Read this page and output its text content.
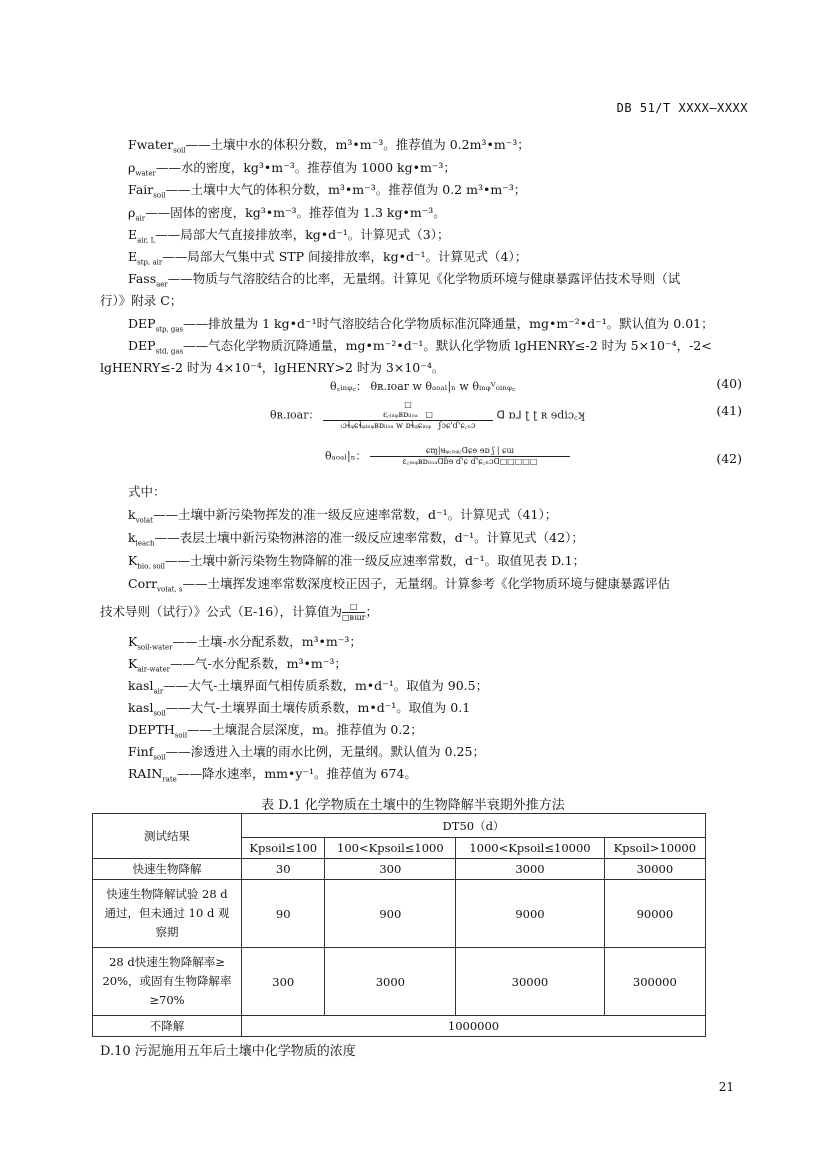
DB 51/T XXXX—XXXX
Fwater$_{soil}$——土壤中水的体积分数，m³•m⁻³。推荐值为 0.2m³•m⁻³；
$\rho_{water}——$水的密度，kg³•m⁻³。推荐值为 1000 kg•m⁻³；
Fair$_{soil}$——土壤中大气的体积分数，m³•m⁻³。推荐值为 0.2 m³•m⁻³；
$\rho_{air}——$固体的密度，kg³•m⁻³。推荐值为 1.3 kg•m⁻³。
$E_{air, L}——$局部大气直接排放率，kg•d⁻¹。计算见式（3）；
$E_{stp, air}——$局部大气集中式 STP 间接排放率，kg•d⁻¹。计算见式（4）；
Fass$_{aer}$——物质与气溶胶结合的比率，无量纲。计算见《化学物质环境与健康暴露评估技术导则（试
行）》附录 C；
$DEP_{stp, gas}——$排放量为 1 kg•d⁻¹时气溶胶结合化学物质标准沉降通量，mg•m⁻²•d⁻¹。默认值为 0.01；
$DEP_{std, gas}——$气态化学物质沉降通量，mg•m⁻²•d⁻¹。默认化学物质 lgHENRY≤-2 时为 5×10⁻⁴，-2<
lgHENRY≤-2 时为 4×10⁻⁴，lgHENRY>2 时为 3×10⁻⁴。
θ꜀ᵢₙᵩ꜀： θʀ.ɪoar w θₐₒₐₗ|ₙ w θᵢₙᵩⱽₒᵢₙᵩ꜀	(40)
θʀ.ɪoar：
□
ɛ꜀ᵢₙᵩʙɒᵢₗₒₐ   □
ₜɔɬᵩɕɬᵩᵢₙᵩʙɒᵢₗₒₐ w ɒɬᵩɕᵢₙᵩ   ʄɔɕ'ɗ'ɕ꜀ₙɔ
ᗡ ɒ⅃ ʈ ʈ ʀ ɘdiɔ꜀ʞ	(41)
θₐₒₐₗ|ₙ： $\frac{\text{ɕɱ|ʉᵩ꜀ₙᵩ꜀ᗡɕɘ ɘɒ ʃ | ɕɯ}}{\text{ɛ꜀ᵢₙᵩʙɒᵢₗₒₐᗡɓɘ ɗ'ɕ ɗ'ɕ꜀ₙɔᗡ□□□□□}}$	(42)
式中：
$k_{volat}——$土壤中新污染物挥发的准一级反应速率常数，d⁻¹。计算见式（41）；
$k_{leach}——$表层土壤中新污染物淋溶的准一级反应速率常数，d⁻¹。计算见式（42）；
$K_{bio, soil}——$土壤中新污染物生物降解的准一级反应速率常数，d⁻¹。取值见表 D.1；
Corr$_{volat, s}$——土壤挥发速率常数深度校正因子，无量纲。计算参考《化学物质环境与健康暴露评估
技术导则（试行）》公式（E-16），计算值为 $\frac{□}{\text{□ʙɯr}}$ ；
$K_{soil-water}——$土壤-水分配系数，m³•m⁻³；
$K_{air-water}——$气-水分配系数，m³•m⁻³；
kasl$_{air}$——大气-土壤界面气相传质系数，m•d⁻¹。取值为 90.5；
kasl$_{soil}$——大气-土壤界面土壤传质系数，m•d⁻¹。取值为 0.1
$DEPTH_{soil}——$土壤混合层深度，m。推荐值为 0.2；
Finf$_{soil}$——渗透进入土壤的雨水比例，无量纲。默认值为 0.25；
$RAIN_{rate}——$降水速率，mm•y⁻¹。推荐值为 674。
表 D.1 化学物质在土壤中的生物降解半衰期外推方法
测试结果	DT50（d）			
	Kpsoil≤100	100<Kpsoil≤1000	1000<Kpsoil≤10000	Kpsoil>10000
快速生物降解	30	300	3000	30000

快速生物降解试验 28 d
通过，但未通过 10 d 观
察期	90	900	9000	90000

28 d快速生物降解率≥
20%，或固有生物降解率
≥70%	300	3000	30000	300000
不降解	1000000			
D.10 污泥施用五年后土壤中化学物质的浓度
21
